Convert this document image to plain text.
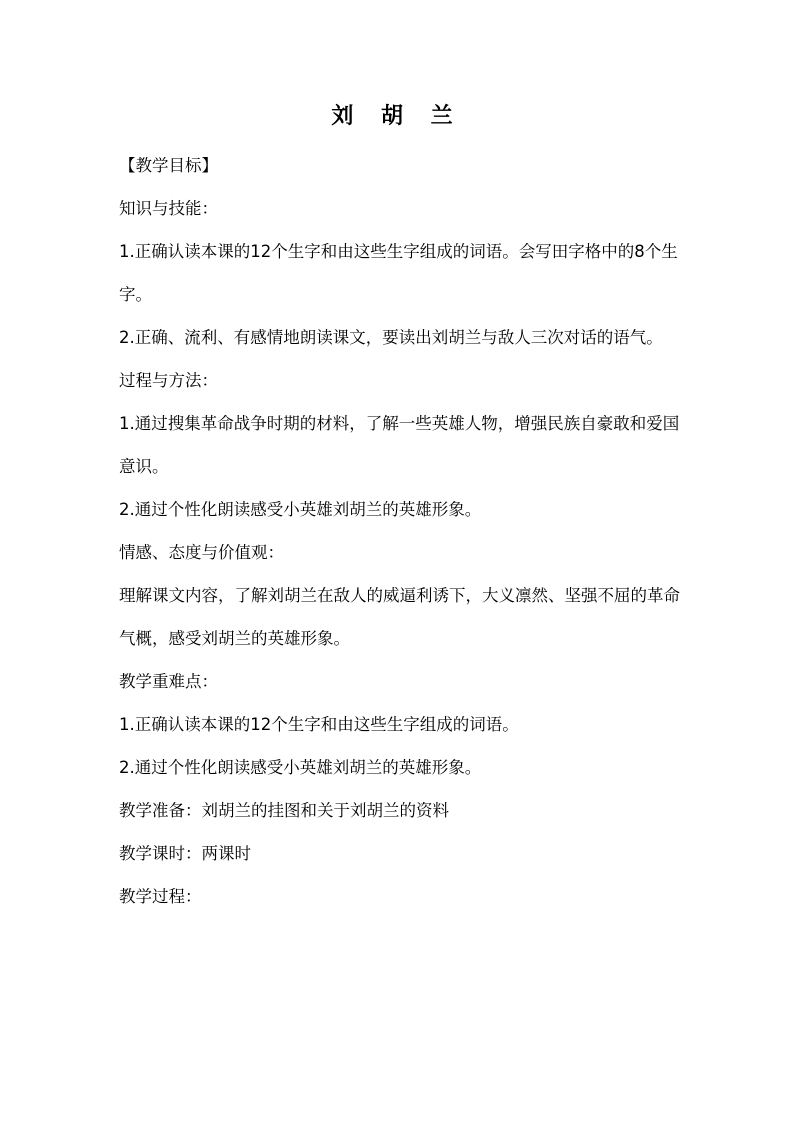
刘 胡 兰

【教学目标】

知识与技能：

1.正确认读本课的12个生字和由这些生字组成的词语。会写田字格中的8个生字。

2.正确、流利、有感情地朗读课文，要读出刘胡兰与敌人三次对话的语气。

过程与方法：

1.通过搜集革命战争时期的材料，了解一些英雄人物，增强民族自豪敢和爱国意识。

2.通过个性化朗读感受小英雄刘胡兰的英雄形象。

情感、态度与价值观：

理解课文内容，了解刘胡兰在敌人的威逼利诱下，大义凛然、坚强不屈的革命气概，感受刘胡兰的英雄形象。

教学重难点：

1.正确认读本课的12个生字和由这些生字组成的词语。

2.通过个性化朗读感受小英雄刘胡兰的英雄形象。

教学准备：刘胡兰的挂图和关于刘胡兰的资料

教学课时：两课时

教学过程：
